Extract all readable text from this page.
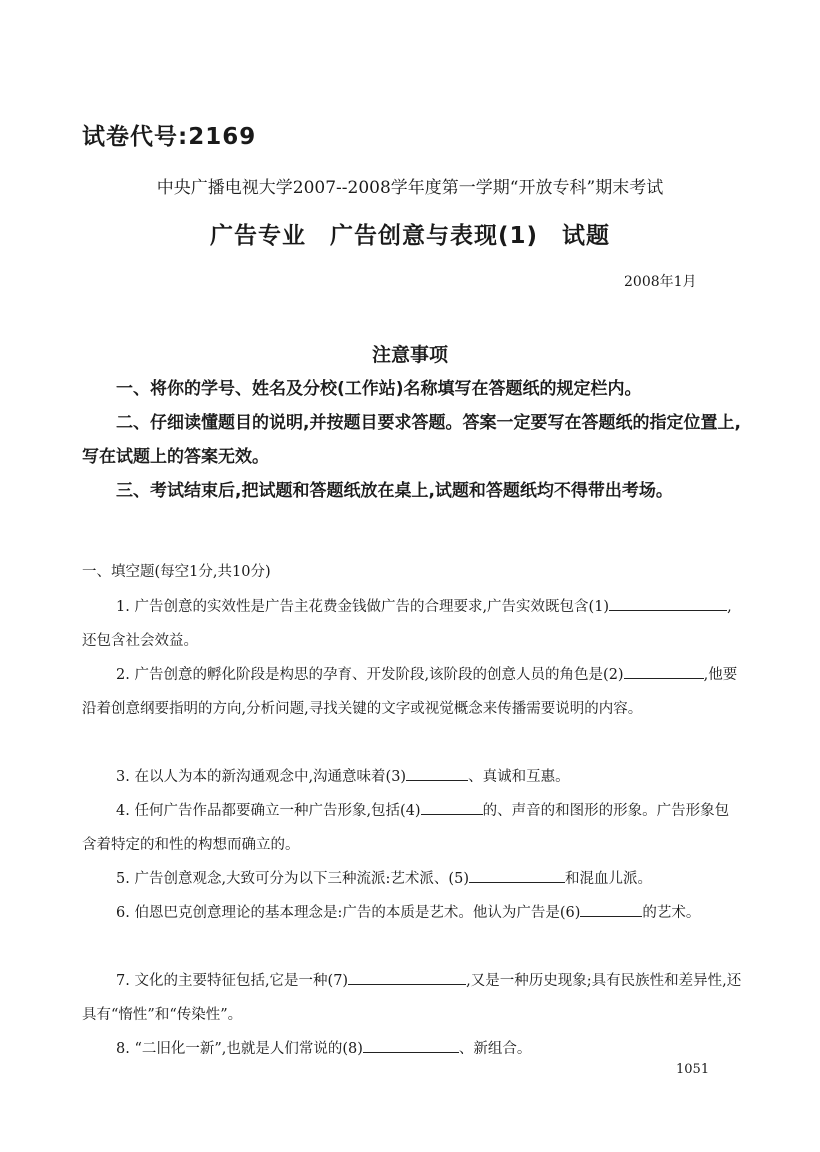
试卷代号:2169
中央广播电视大学2007--2008学年度第一学期“开放专科”期末考试
广告专业　广告创意与表现(1)　试题
2008年1月
注意事项
一、将你的学号、姓名及分校(工作站)名称填写在答题纸的规定栏内。
二、仔细读懂题目的说明,并按题目要求答题。答案一定要写在答题纸的指定位置上,写在试题上的答案无效。
三、考试结束后,把试题和答题纸放在桌上,试题和答题纸均不得带出考场。
一、填空题(每空1分,共10分)
1. 广告创意的实效性是广告主花费金钱做广告的合理要求,广告实效既包含(1)	,还包含社会效益。
2. 广告创意的孵化阶段是构思的孕育、开发阶段,该阶段的创意人员的角色是(2)	,他要沿着创意纲要指明的方向,分析问题,寻找关键的文字或视觉概念来传播需要说明的内容。
3. 在以人为本的新沟通观念中,沟通意味着(3)	、真诚和互惠。
4. 任何广告作品都要确立一种广告形象,包括(4)	的、声音的和图形的形象。广告形象包含着特定的和性的构想而确立的。
5. 广告创意观念,大致可分为以下三种流派:艺术派、(5)	和混血儿派。
6. 伯恩巴克创意理论的基本理念是:广告的本质是艺术。他认为广告是(6)	的艺术。
7. 文化的主要特征包括,它是一种(7)	,又是一种历史现象;具有民族性和差异性,还具有“惰性”和“传染性”。
8. “二旧化一新”,也就是人们常说的(8)	、新组合。
1051
